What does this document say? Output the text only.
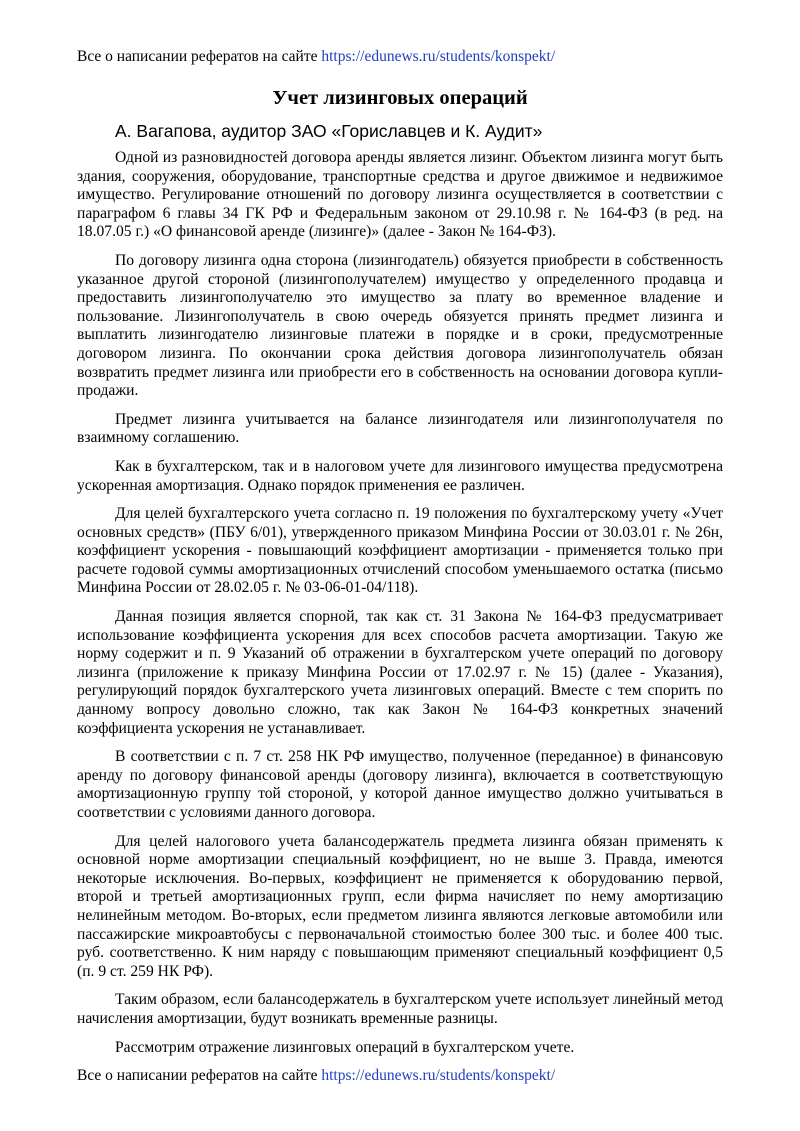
Все о написании рефератов на сайте https://edunews.ru/students/konspekt/
Учет лизинговых операций
А. Вагапова, аудитор ЗАО «Гориславцев и К. Аудит»

Одной из разновидностей договора аренды является лизинг. Объектом лизинга могут быть здания, сооружения, оборудование, транспортные средства и другое движимое и недвижимое имущество. Регулирование отношений по договору лизинга осуществляется в соответствии с параграфом 6 главы 34 ГК РФ и Федеральным законом от 29.10.98 г. № 164-ФЗ (в ред. на 18.07.05 г.) «О финансовой аренде (лизинге)» (далее - Закон № 164-ФЗ).

По договору лизинга одна сторона (лизингодатель) обязуется приобрести в собственность указанное другой стороной (лизингополучателем) имущество у определенного продавца и предоставить лизингополучателю это имущество за плату во временное владение и пользование. Лизингополучатель в свою очередь обязуется принять предмет лизинга и выплатить лизингодателю лизинговые платежи в порядке и в сроки, предусмотренные договором лизинга. По окончании срока действия договора лизингополучатель обязан возвратить предмет лизинга или приобрести его в собственность на основании договора купли-продажи.

Предмет лизинга учитывается на балансе лизингодателя или лизингополучателя по взаимному соглашению.

Как в бухгалтерском, так и в налоговом учете для лизингового имущества предусмотрена ускоренная амортизация. Однако порядок применения ее различен.

Для целей бухгалтерского учета согласно п. 19 положения по бухгалтерскому учету «Учет основных средств» (ПБУ 6/01), утвержденного приказом Минфина России от 30.03.01 г. № 26н, коэффициент ускорения - повышающий коэффициент амортизации - применяется только при расчете годовой суммы амортизационных отчислений способом уменьшаемого остатка (письмо Минфина России от 28.02.05 г. № 03-06-01-04/118).

Данная позиция является спорной, так как ст. 31 Закона № 164-ФЗ предусматривает использование коэффициента ускорения для всех способов расчета амортизации. Такую же норму содержит и п. 9 Указаний об отражении в бухгалтерском учете операций по договору лизинга (приложение к приказу Минфина России от 17.02.97 г. № 15) (далее - Указания), регулирующий порядок бухгалтерского учета лизинговых операций. Вместе с тем спорить по данному вопросу довольно сложно, так как Закон № 164-ФЗ конкретных значений коэффициента ускорения не устанавливает.

В соответствии с п. 7 ст. 258 НК РФ имущество, полученное (переданное) в финансовую аренду по договору финансовой аренды (договору лизинга), включается в соответствующую амортизационную группу той стороной, у которой данное имущество должно учитываться в соответствии с условиями данного договора.

Для целей налогового учета балансодержатель предмета лизинга обязан применять к основной норме амортизации специальный коэффициент, но не выше 3. Правда, имеются некоторые исключения. Во-первых, коэффициент не применяется к оборудованию первой, второй и третьей амортизационных групп, если фирма начисляет по нему амортизацию нелинейным методом. Во-вторых, если предметом лизинга являются легковые автомобили или пассажирские микроавтобусы с первоначальной стоимостью более 300 тыс. и более 400 тыс. руб. соответственно. К ним наряду с повышающим применяют специальный коэффициент 0,5 (п. 9 ст. 259 НК РФ).

Таким образом, если балансодержатель в бухгалтерском учете использует линейный метод начисления амортизации, будут возникать временные разницы.

Рассмотрим отражение лизинговых операций в бухгалтерском учете.

Все о написании рефератов на сайте https://edunews.ru/students/konspekt/
